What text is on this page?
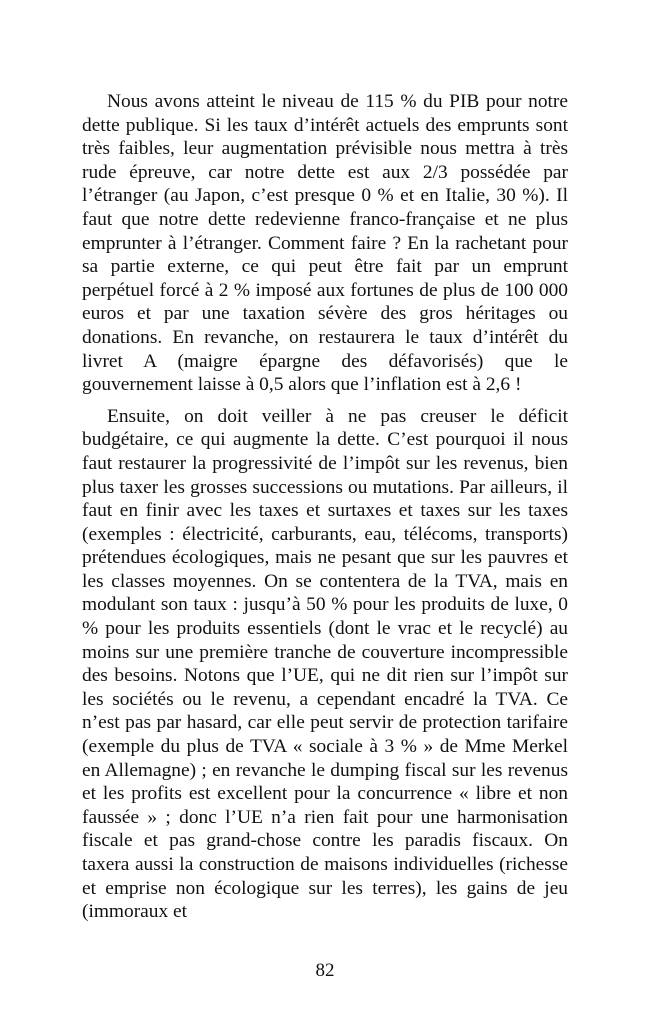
Nous avons atteint le niveau de 115 % du PIB pour notre dette publique. Si les taux d’intérêt actuels des emprunts sont très faibles, leur augmentation prévisible nous mettra à très rude épreuve, car notre dette est aux 2/3 possédée par l’étranger (au Japon, c’est presque 0 % et en Italie, 30 %). Il faut que notre dette redevienne franco-française et ne plus emprunter à l’étranger. Comment faire ? En la rachetant pour sa partie externe, ce qui peut être fait par un emprunt perpétuel forcé à 2 % imposé aux fortunes de plus de 100 000 euros et par une taxation sévère des gros héritages ou donations. En revanche, on restaurera le taux d’intérêt du livret A (maigre épargne des défavorisés) que le gouvernement laisse à 0,5 alors que l’inflation est à 2,6 !

Ensuite, on doit veiller à ne pas creuser le déficit budgétaire, ce qui augmente la dette. C’est pourquoi il nous faut restaurer la progressivité de l’impôt sur les revenus, bien plus taxer les grosses successions ou mutations. Par ailleurs, il faut en finir avec les taxes et surtaxes et taxes sur les taxes (exemples : électricité, carburants, eau, télécoms, transports) prétendues écologiques, mais ne pesant que sur les pauvres et les classes moyennes. On se contentera de la TVA, mais en modulant son taux : jusqu’à 50 % pour les produits de luxe, 0 % pour les produits essentiels (dont le vrac et le recyclé) au moins sur une première tranche de couverture incompressible des besoins. Notons que l’UE, qui ne dit rien sur l’impôt sur les sociétés ou le revenu, a cependant encadré la TVA. Ce n’est pas par hasard, car elle peut servir de protection tarifaire (exemple du plus de TVA « sociale à 3 % » de Mme Merkel en Allemagne) ; en revanche le dumping fiscal sur les revenus et les profits est excellent pour la concurrence « libre et non faussée » ; donc l’UE n’a rien fait pour une harmonisation fiscale et pas grand-chose contre les paradis fiscaux. On taxera aussi la construction de maisons individuelles (richesse et emprise non écologique sur les terres), les gains de jeu (immoraux et

82
